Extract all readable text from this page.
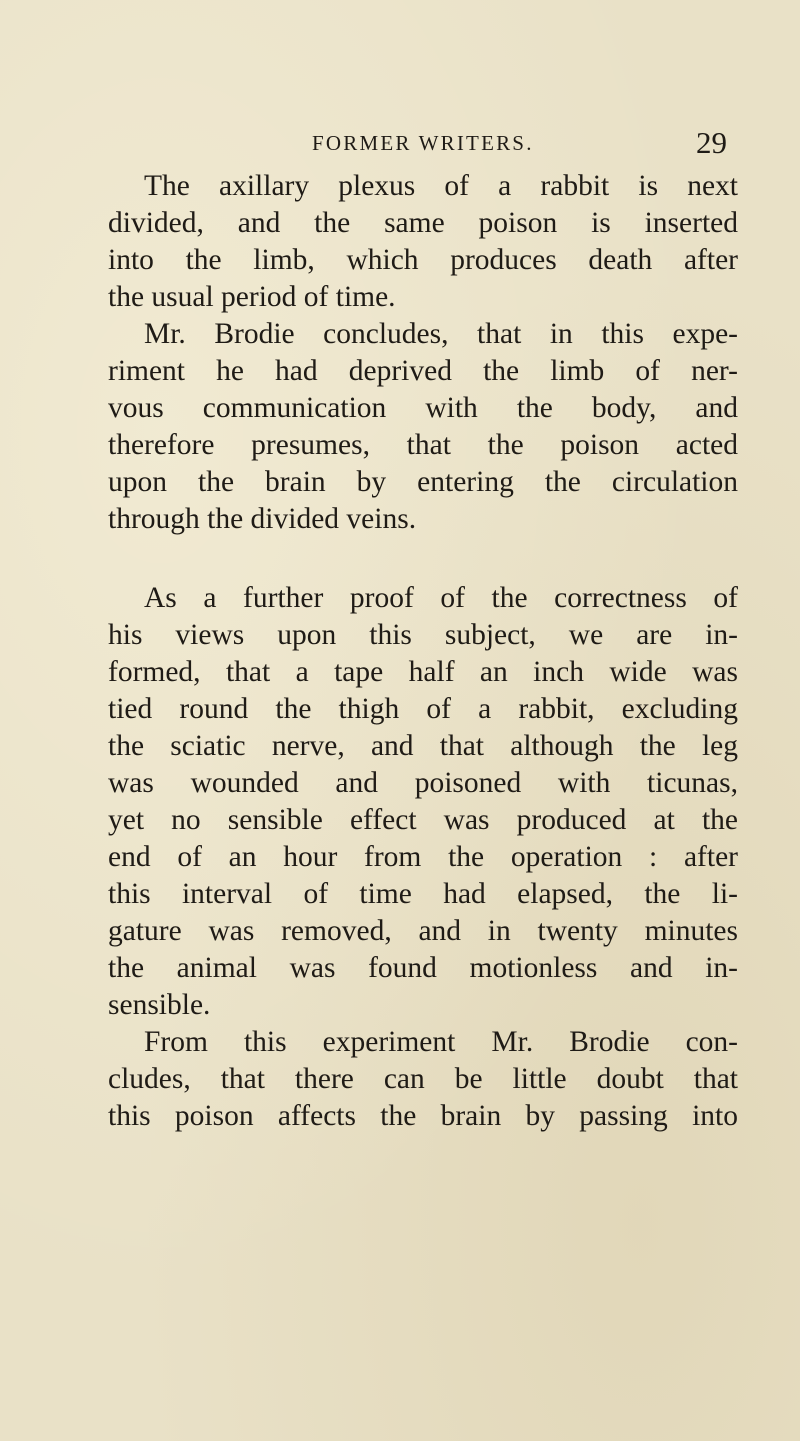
FORMER WRITERS.	29
The axillary plexus of a rabbit is next
divided, and the same poison is inserted
into the limb, which produces death after
the usual period of time.
Mr. Brodie concludes, that in this expe-
riment he had deprived the limb of ner-
vous communication with the body, and
therefore presumes, that the poison acted
upon the brain by entering the circulation
through the divided veins.
As a further proof of the correctness of
his views upon this subject, we are in-
formed, that a tape half an inch wide was
tied round the thigh of a rabbit, excluding
the sciatic nerve, and that although the leg
was wounded and poisoned with ticunas,
yet no sensible effect was produced at the
end of an hour from the operation : after
this interval of time had elapsed, the li-
gature was removed, and in twenty minutes
the animal was found motionless and in-
sensible.
From this experiment Mr. Brodie con-
cludes, that there can be little doubt that
this poison affects the brain by passing into
